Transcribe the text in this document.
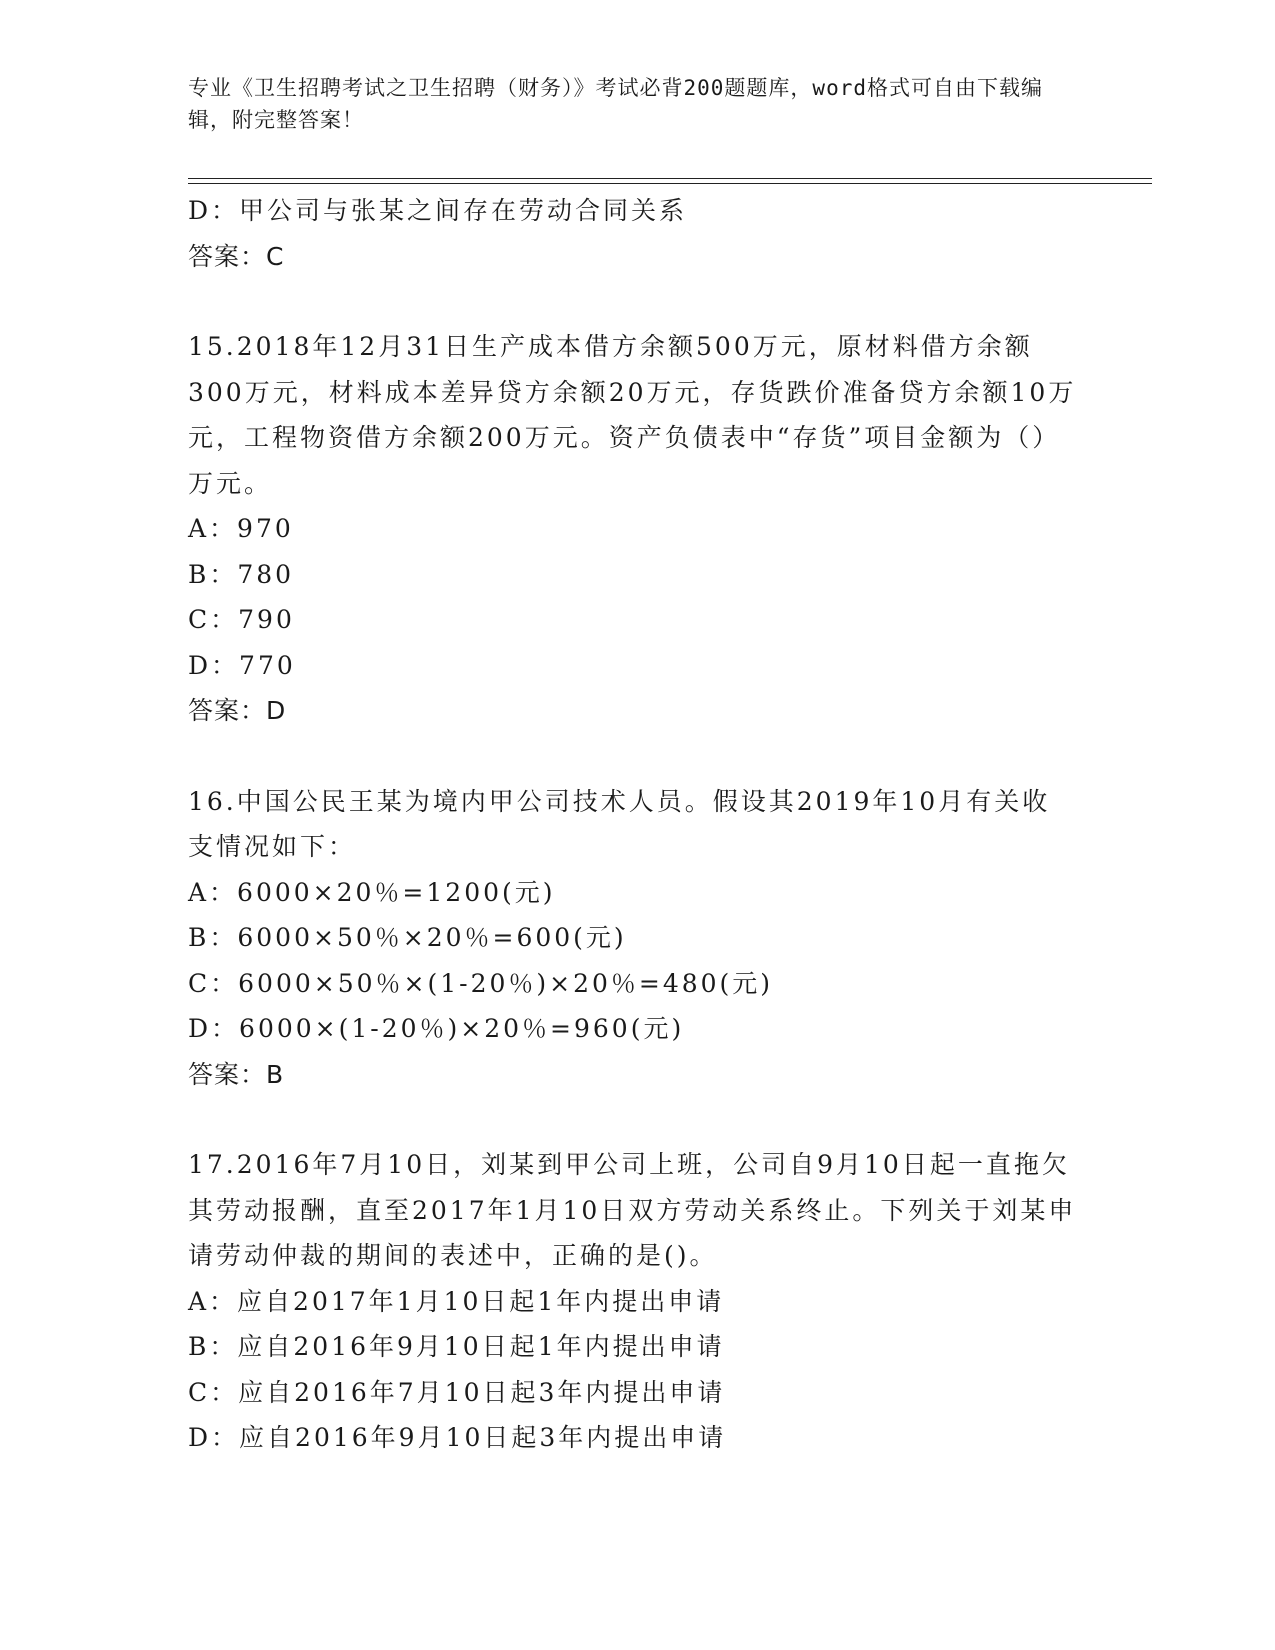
专业《卫生招聘考试之卫生招聘（财务）》考试必背200题题库，word格式可自由下载编辑，附完整答案！
D：甲公司与张某之间存在劳动合同关系
答案：C
15.2018年12月31日生产成本借方余额500万元，原材料借方余额300万元，材料成本差异贷方余额20万元，存货跌价准备贷方余额10万元，工程物资借方余额200万元。资产负债表中“存货”项目金额为（）万元。
A：970
B：780
C：790
D：770
答案：D
16.中国公民王某为境内甲公司技术人员。假设其2019年10月有关收支情况如下：
A：6000×20％=1200(元)
B：6000×50％×20％=600(元)
C：6000×50％×(1-20％)×20％=480(元)
D：6000×(1-20％)×20％=960(元)
答案：B
17.2016年7月10日，刘某到甲公司上班，公司自9月10日起一直拖欠其劳动报酬，直至2017年1月10日双方劳动关系终止。下列关于刘某申请劳动仲裁的期间的表述中，正确的是()。
A：应自2017年1月10日起1年内提出申请
B：应自2016年9月10日起1年内提出申请
C：应自2016年7月10日起3年内提出申请
D：应自2016年9月10日起3年内提出申请
